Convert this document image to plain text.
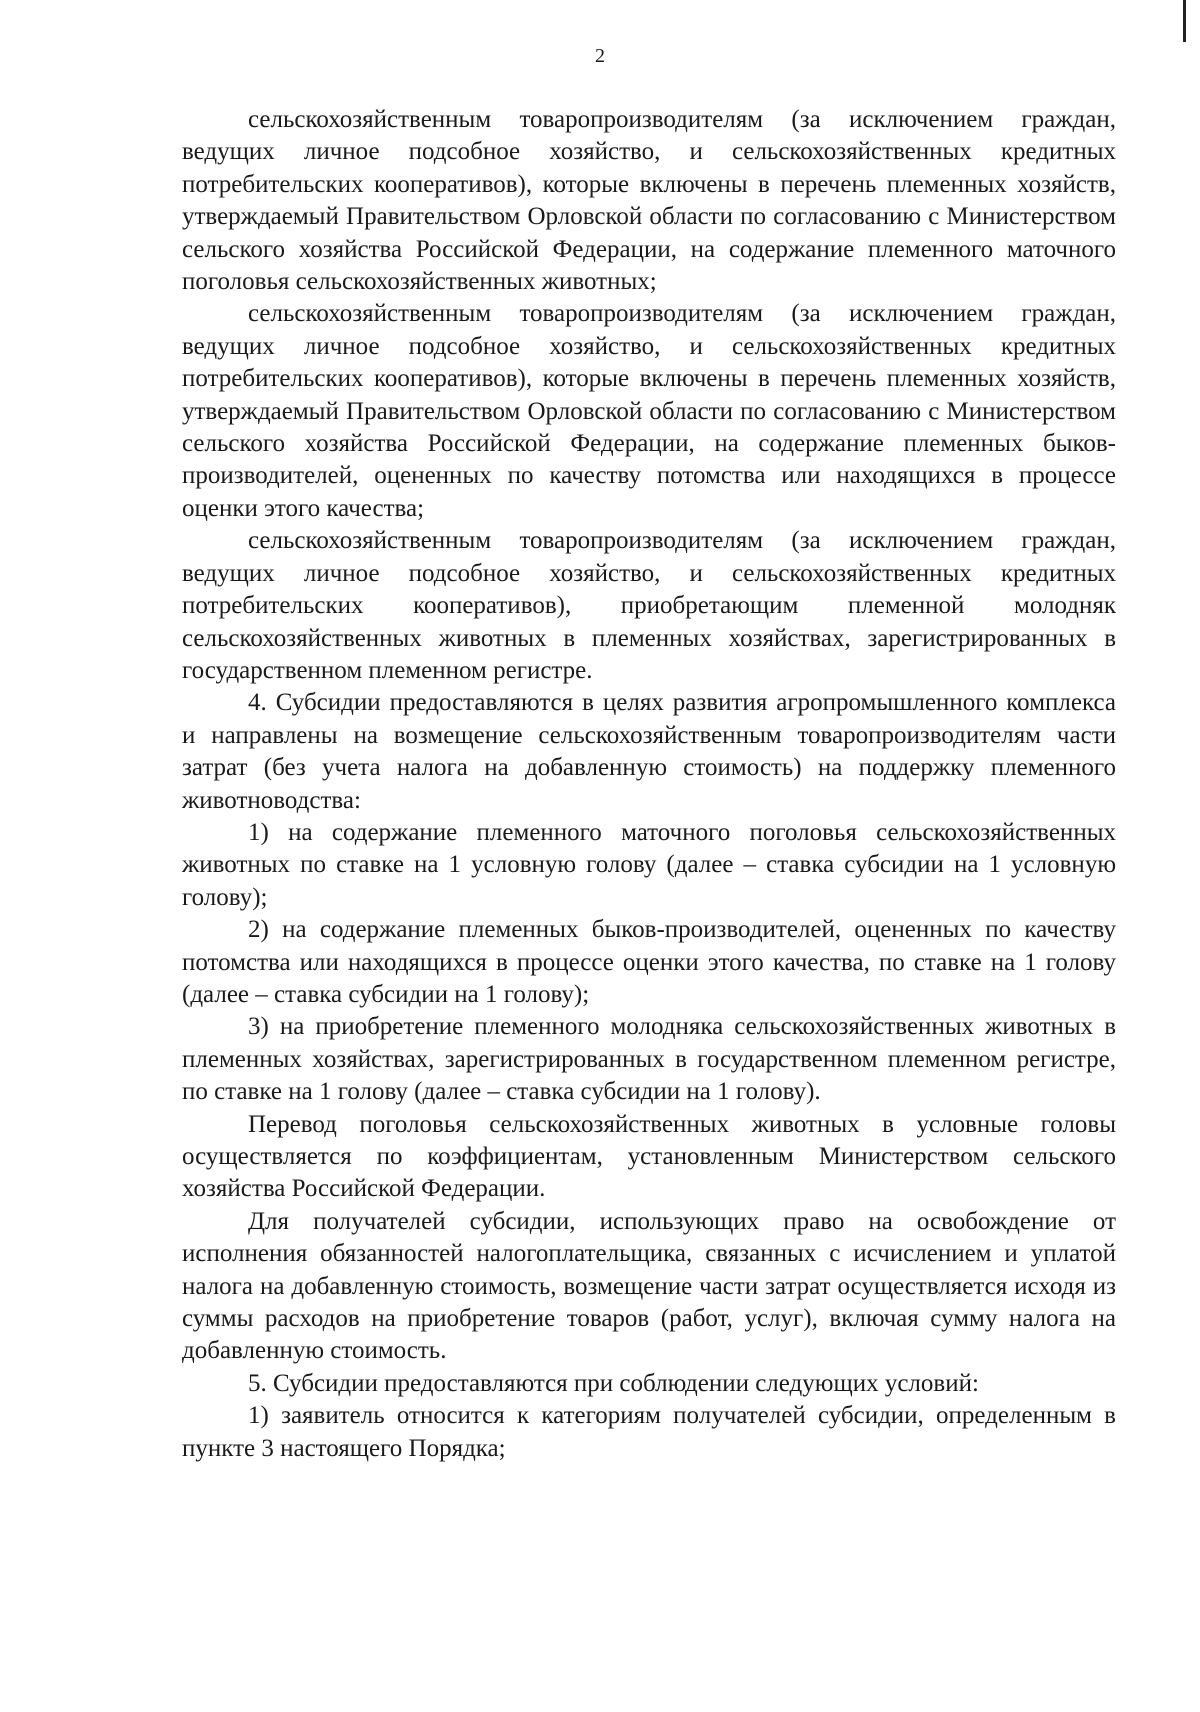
2

сельскохозяйственным товаропроизводителям (за исключением граждан, ведущих личное подсобное хозяйство, и сельскохозяйственных кредитных потребительских кооперативов), которые включены в перечень племенных хозяйств, утверждаемый Правительством Орловской области по согласованию с Министерством сельского хозяйства Российской Федерации, на содержание племенного маточного поголовья сельскохозяйственных животных;

сельскохозяйственным товаропроизводителям (за исключением граждан, ведущих личное подсобное хозяйство, и сельскохозяйственных кредитных потребительских кооперативов), которые включены в перечень племенных хозяйств, утверждаемый Правительством Орловской области по согласованию с Министерством сельского хозяйства Российской Федерации, на содержание племенных быков-производителей, оцененных по качеству потомства или находящихся в процессе оценки этого качества;

сельскохозяйственным товаропроизводителям (за исключением граждан, ведущих личное подсобное хозяйство, и сельскохозяйственных кредитных потребительских кооперативов), приобретающим племенной молодняк сельскохозяйственных животных в племенных хозяйствах, зарегистрированных в государственном племенном регистре.

4. Субсидии предоставляются в целях развития агропромышленного комплекса и направлены на возмещение сельскохозяйственным товаропроизводителям части затрат (без учета налога на добавленную стоимость) на поддержку племенного животноводства:

1) на содержание племенного маточного поголовья сельскохозяйственных животных по ставке на 1 условную голову (далее – ставка субсидии на 1 условную голову);

2) на содержание племенных быков-производителей, оцененных по качеству потомства или находящихся в процессе оценки этого качества, по ставке на 1 голову (далее – ставка субсидии на 1 голову);

3) на приобретение племенного молодняка сельскохозяйственных животных в племенных хозяйствах, зарегистрированных в государственном племенном регистре, по ставке на 1 голову (далее – ставка субсидии на 1 голову).

Перевод поголовья сельскохозяйственных животных в условные головы осуществляется по коэффициентам, установленным Министерством сельского хозяйства Российской Федерации.

Для получателей субсидии, использующих право на освобождение от исполнения обязанностей налогоплательщика, связанных с исчислением и уплатой налога на добавленную стоимость, возмещение части затрат осуществляется исходя из суммы расходов на приобретение товаров (работ, услуг), включая сумму налога на добавленную стоимость.

5. Субсидии предоставляются при соблюдении следующих условий:

1) заявитель относится к категориям получателей субсидии, определенным в пункте 3 настоящего Порядка;
